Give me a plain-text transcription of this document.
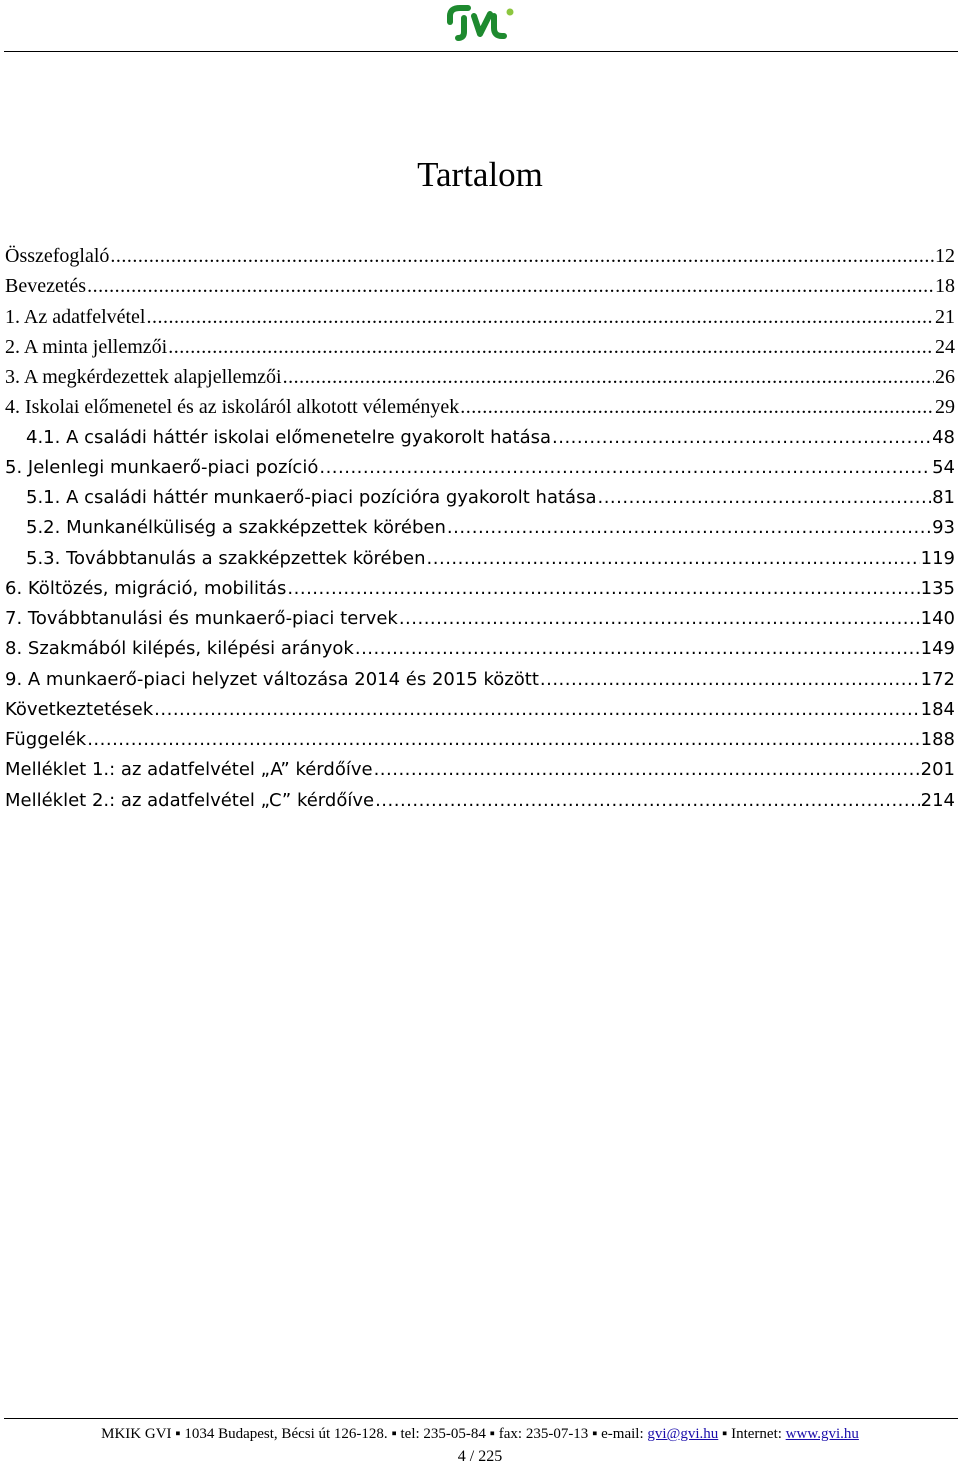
Tartalom
Összefoglaló .....	12
Bevezetés .....	18
1. Az adatfelvétel .....	21
2. A minta jellemzői .....	24
3. A megkérdezettek alapjellemzői .....	26
4. Iskolai előmenetel és az iskoláról alkotott vélemények .....	29
4.1. A családi háttér iskolai előmenetelre gyakorolt hatása .....	48
5. Jelenlegi munkaerő-piaci pozíció .....	54
5.1. A családi háttér munkaerő-piaci pozícióra gyakorolt hatása .....	81
5.2. Munkanélküliség a szakképzettek körében .....	93
5.3. Továbbtanulás a szakképzettek körében .....	119
6. Költözés, migráció, mobilitás .....	135
7. Továbbtanulási és munkaerő-piaci tervek .....	140
8. Szakmából kilépés, kilépési arányok .....	149
9. A munkaerő-piaci helyzet változása 2014 és 2015 között .....	172
Következtetések .....	184
Függelék .....	188
Melléklet 1.: az adatfelvétel „A” kérdőíve .....	201
Melléklet 2.: az adatfelvétel „C” kérdőíve .....	214
MKIK GVI ▪ 1034 Budapest, Bécsi út 126-128. ▪ tel: 235-05-84 ▪ fax: 235-07-13 ▪ e-mail: gvi@gvi.hu ▪ Internet: www.gvi.hu
4 / 225
